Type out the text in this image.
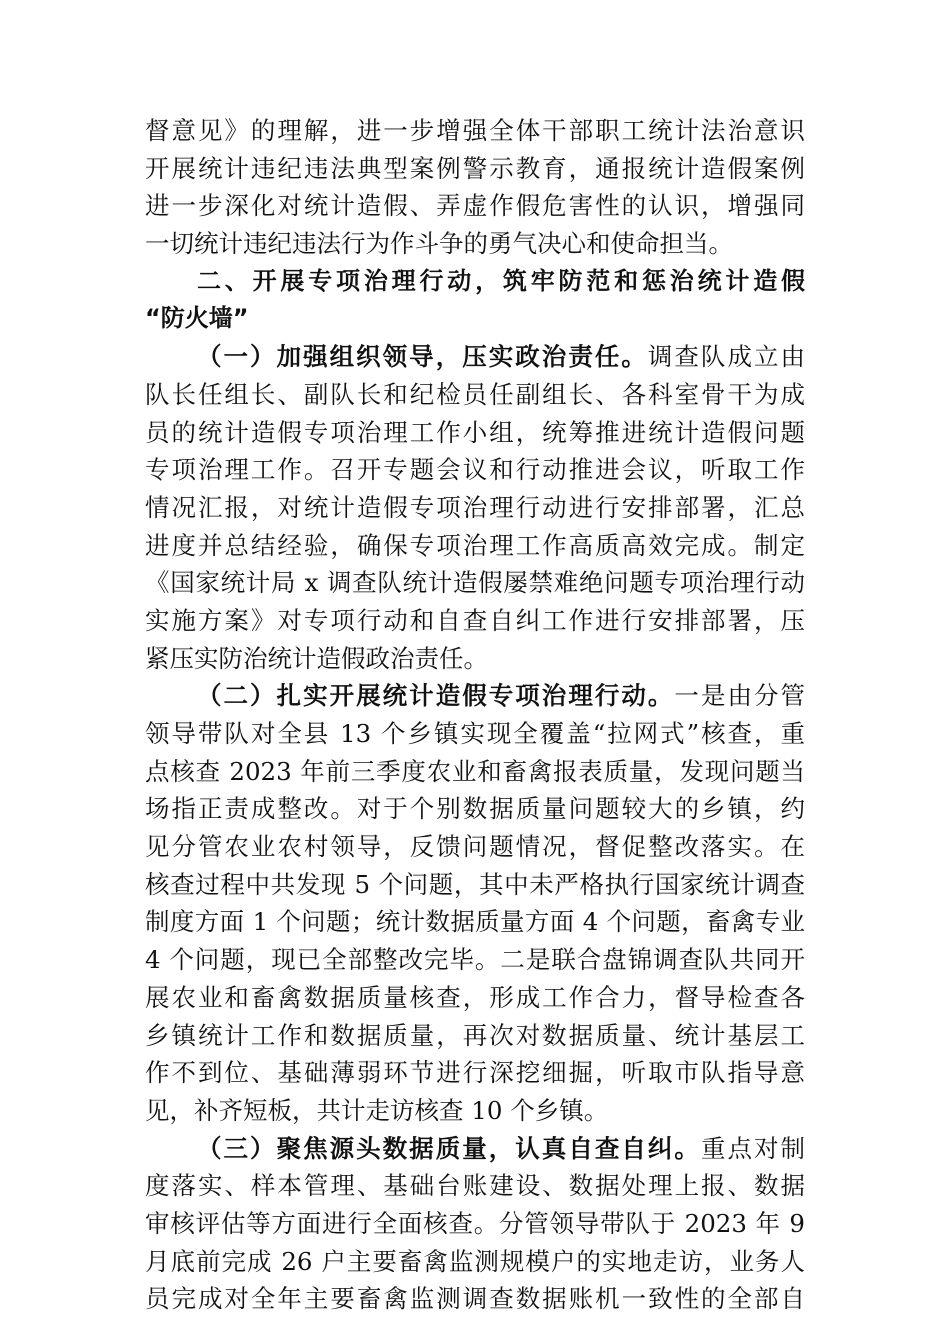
督意见》的理解，进一步增强全体干部职工统计法治意识
开展统计违纪违法典型案例警示教育，通报统计造假案例
进一步深化对统计造假、弄虚作假危害性的认识，增强同
一切统计违纪违法行为作斗争的勇气决心和使命担当。
二、开展专项治理行动，筑牢防范和惩治统计造假
“防火墙”
（一）加强组织领导，压实政治责任。调查队成立由
队长任组长、副队长和纪检员任副组长、各科室骨干为成
员的统计造假专项治理工作小组，统筹推进统计造假问题
专项治理工作。召开专题会议和行动推进会议，听取工作
情况汇报，对统计造假专项治理行动进行安排部署，汇总
进度并总结经验，确保专项治理工作高质高效完成。制定
《国家统计局 x 调查队统计造假屡禁难绝问题专项治理行动
实施方案》对专项行动和自查自纠工作进行安排部署，压
紧压实防治统计造假政治责任。
（二）扎实开展统计造假专项治理行动。一是由分管
领导带队对全县 13 个乡镇实现全覆盖“拉网式”核查，重
点核查 2023 年前三季度农业和畜禽报表质量，发现问题当
场指正责成整改。对于个别数据质量问题较大的乡镇，约
见分管农业农村领导，反馈问题情况，督促整改落实。在
核查过程中共发现 5 个问题，其中未严格执行国家统计调查
制度方面 1 个问题；统计数据质量方面 4 个问题，畜禽专业
4 个问题，现已全部整改完毕。二是联合盘锦调查队共同开
展农业和畜禽数据质量核查，形成工作合力，督导检查各
乡镇统计工作和数据质量，再次对数据质量、统计基层工
作不到位、基础薄弱环节进行深挖细掘，听取市队指导意
见，补齐短板，共计走访核查 10 个乡镇。
（三）聚焦源头数据质量，认真自查自纠。重点对制
度落实、样本管理、基础台账建设、数据处理上报、数据
审核评估等方面进行全面核查。分管领导带队于 2023 年 9
月底前完成 26 户主要畜禽监测规模户的实地走访，业务人
员完成对全年主要畜禽监测调查数据账机一致性的全部自
